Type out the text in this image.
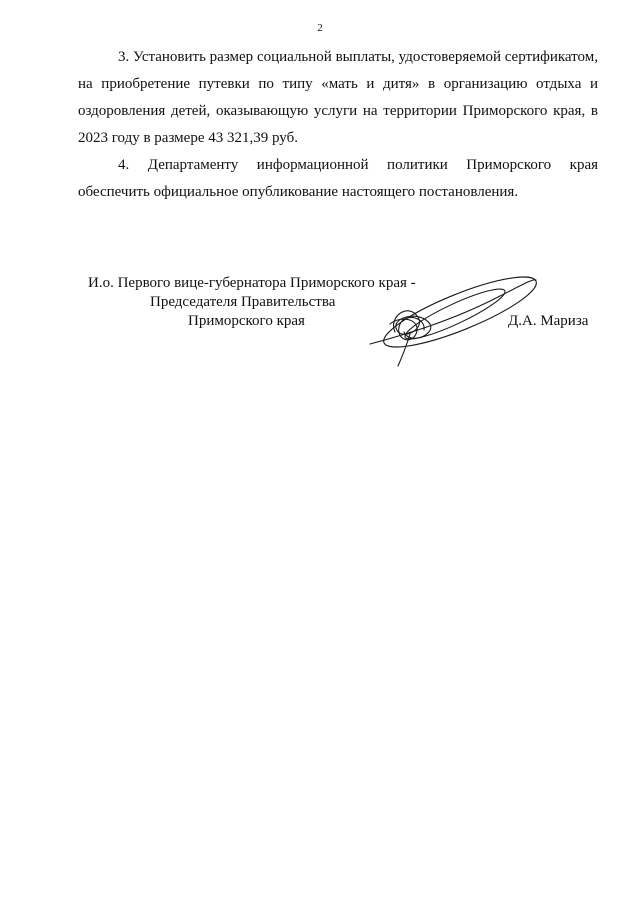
2

3. Установить размер социальной выплаты, удостоверяемой сертификатом, на приобретение путевки по типу «мать и дитя» в организацию отдыха и оздоровления детей, оказывающую услуги на территории Приморского края, в 2023 году в размере 43 321,39 руб.

4. Департаменту информационной политики Приморского края обеспечить официальное опубликование настоящего постановления.

И.о. Первого вице-губернатора Приморского края -
Председателя Правительства
Приморского края	Д.А. Мариза
